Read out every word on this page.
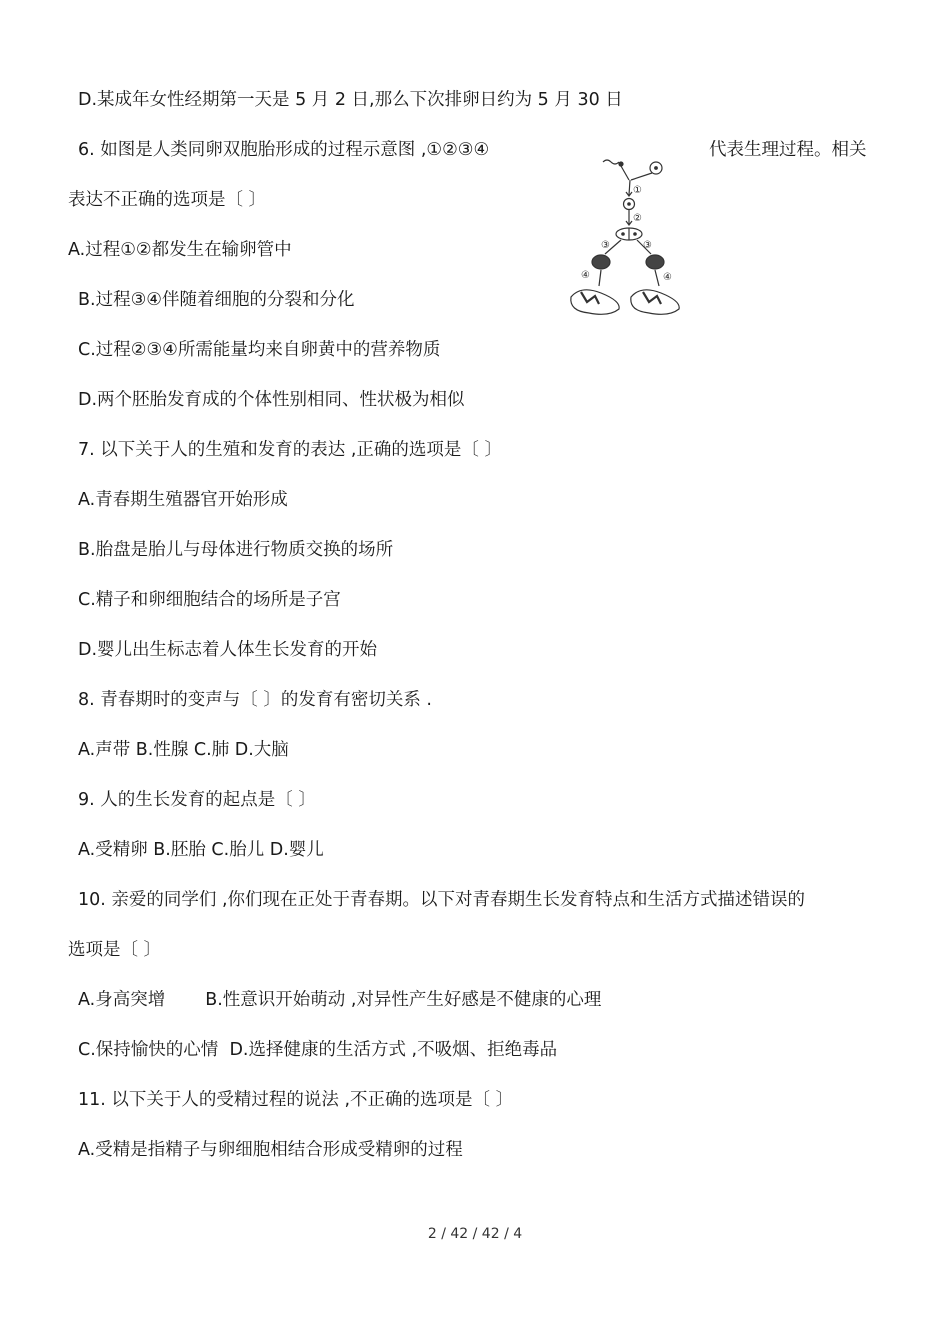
D.某成年女性经期第一天是 5 月 2 日,那么下次排卵日约为 5 月 30 日
6. 如图是人类同卵双胞胎形成的过程示意图 ,①②③④	代表生理过程。相关
表达不正确的选项是〔 〕
A.过程①②都发生在输卵管中
B.过程③④伴随着细胞的分裂和分化
C.过程②③④所需能量均来自卵黄中的营养物质
D.两个胚胎发育成的个体性别相同、性状极为相似
①
②
③	③
④	④
7. 以下关于人的生殖和发育的表达 ,正确的选项是〔 〕
A.青春期生殖器官开始形成
B.胎盘是胎儿与母体进行物质交换的场所
C.精子和卵细胞结合的场所是子宫
D.婴儿出生标志着人体生长发育的开始
8. 青春期时的变声与〔 〕的发育有密切关系 .
A.声带 B.性腺 C.肺 D.大脑
9. 人的生长发育的起点是〔 〕
A.受精卵 B.胚胎 C.胎儿 D.婴儿
10. 亲爱的同学们 ,你们现在正处于青春期。以下对青春期生长发育特点和生活方式描述错误的
选项是〔 〕
A.身高突增 B.性意识开始萌动 ,对异性产生好感是不健康的心理
C.保持愉快的心情 D.选择健康的生活方式 ,不吸烟、拒绝毒品
11. 以下关于人的受精过程的说法 ,不正确的选项是〔 〕
A.受精是指精子与卵细胞相结合形成受精卵的过程
2 / 42 / 42 / 4
